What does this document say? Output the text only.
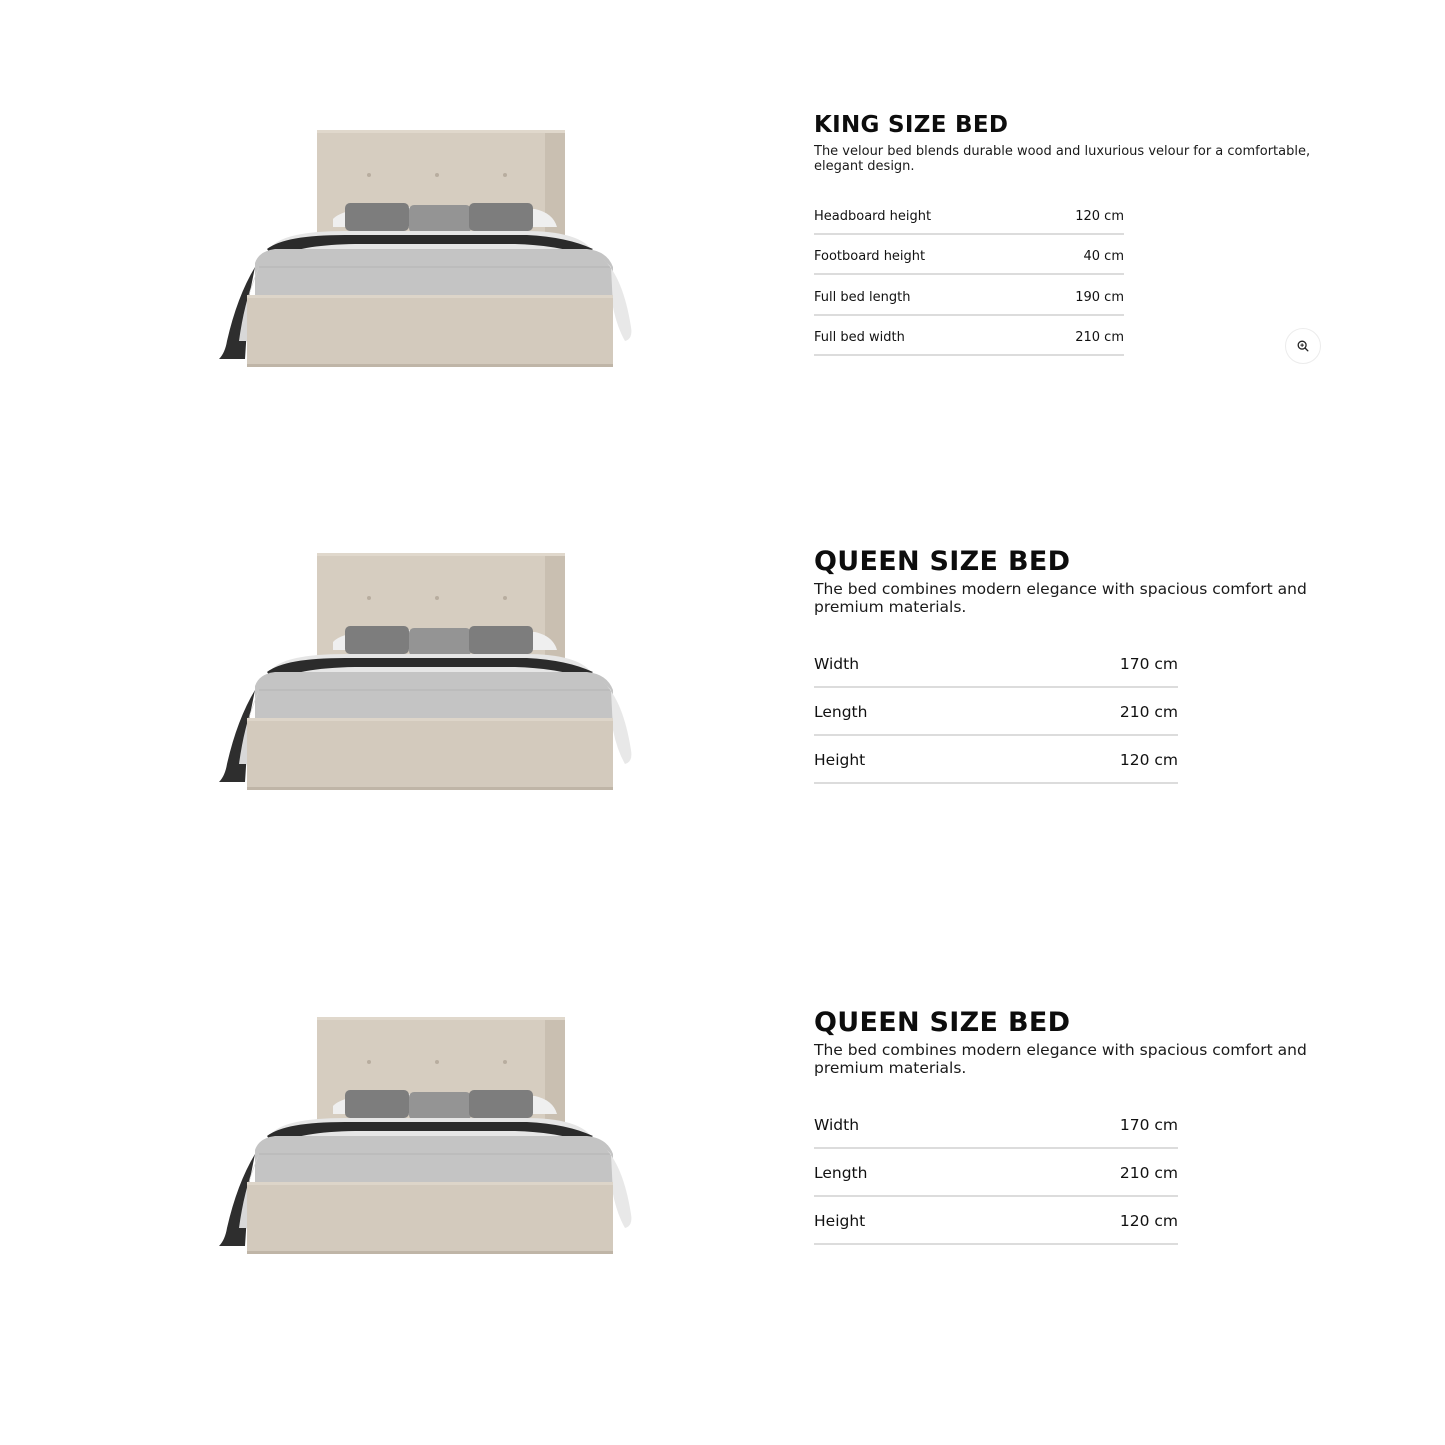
KING SIZE BED

The velour bed blends durable wood and luxurious velour for a comfortable, elegant design.

Headboard height	120 cm
Footboard height	40 cm
Full bed length	190 cm
Full bed width	210 cm
QUEEN SIZE BED

The bed combines modern elegance with spacious comfort and premium materials.

Width	170 cm
Length	210 cm
Height	120 cm
QUEEN SIZE BED

The bed combines modern elegance with spacious comfort and premium materials.

Width	170 cm
Length	210 cm
Height	120 cm
